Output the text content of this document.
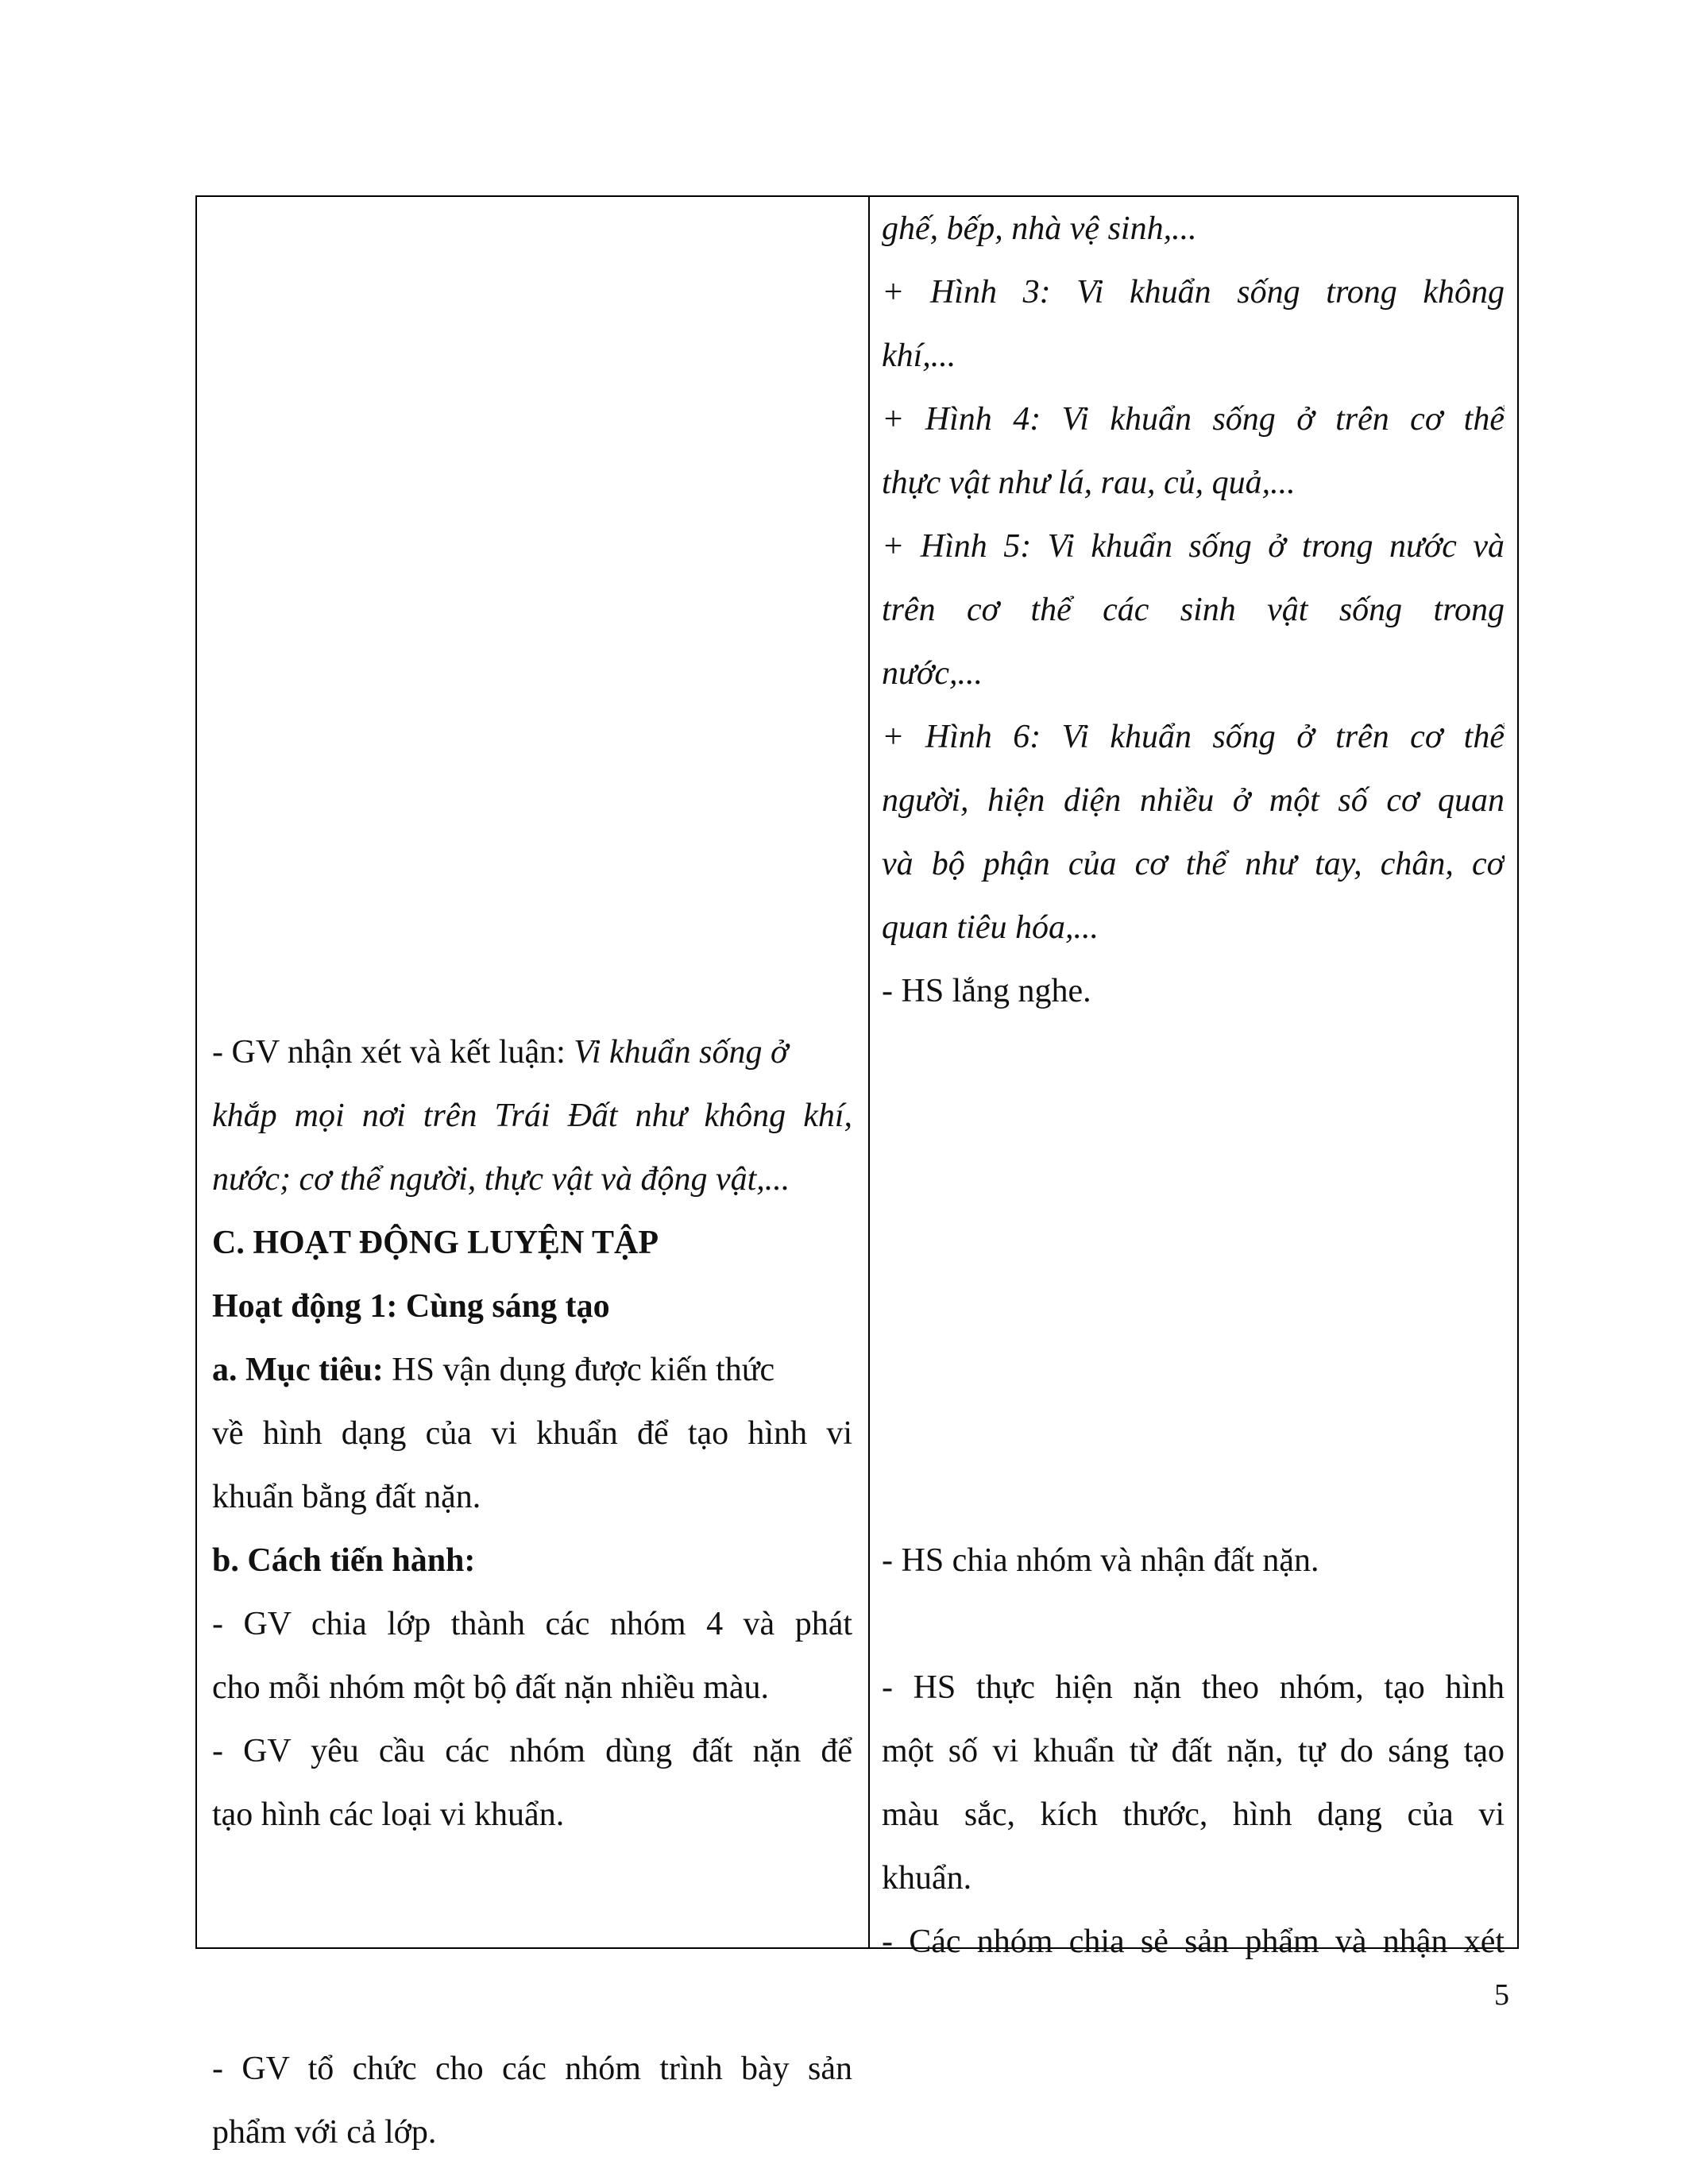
- GV nhận xét và kết luận: Vi khuẩn sống ở
khắp mọi nơi trên Trái Đất như không khí,
nước; cơ thể người, thực vật và động vật,...
C. HOẠT ĐỘNG LUYỆN TẬP
Hoạt động 1: Cùng sáng tạo
a. Mục tiêu: HS vận dụng được kiến thức
về hình dạng của vi khuẩn để tạo hình vi
khuẩn bằng đất nặn.
b. Cách tiến hành:
- GV chia lớp thành các nhóm 4 và phát
cho mỗi nhóm một bộ đất nặn nhiều màu.
- GV yêu cầu các nhóm dùng đất nặn để
tạo hình các loại vi khuẩn.
- GV tổ chức cho các nhóm trình bày sản
phẩm với cả lớp.
ghế, bếp, nhà vệ sinh,...
+ Hình 3: Vi khuẩn sống trong không
khí,...
+ Hình 4: Vi khuẩn sống ở trên cơ thể
thực vật như lá, rau, củ, quả,...
+ Hình 5: Vi khuẩn sống ở trong nước và
trên cơ thể các sinh vật sống trong
nước,...
+ Hình 6: Vi khuẩn sống ở trên cơ thể
người, hiện diện nhiều ở một số cơ quan
và bộ phận của cơ thể như tay, chân, cơ
quan tiêu hóa,...
- HS lắng nghe.
- HS chia nhóm và nhận đất nặn.
- HS thực hiện nặn theo nhóm, tạo hình
một số vi khuẩn từ đất nặn, tự do sáng tạo
màu sắc, kích thước, hình dạng của vi
khuẩn.
- Các nhóm chia sẻ sản phẩm và nhận xét
5
